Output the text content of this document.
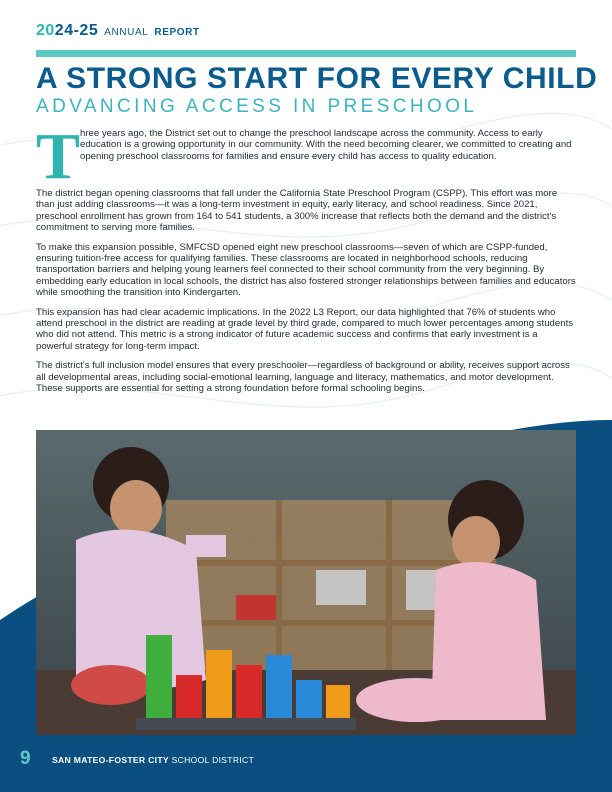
2024-25 ANNUAL REPORT
A STRONG START FOR EVERY CHILD
ADVANCING ACCESS IN PRESCHOOL
T hree years ago, the District set out to change the preschool landscape across the community. Access to early education is a growing opportunity in our community. With the need becoming clearer, we committed to creating and opening preschool classrooms for families and ensure every child has access to quality education.

The district began opening classrooms that fall under the California State Preschool Program (CSPP). This effort was more than just adding classrooms—it was a long-term investment in equity, early literacy, and school readiness. Since 2021, preschool enrollment has grown from 164 to 541 students, a 300% increase that reflects both the demand and the district's commitment to serving more families.

To make this expansion possible, SMFCSD opened eight new preschool classrooms—seven of which are CSPP-funded, ensuring tuition-free access for qualifying families. These classrooms are located in neighborhood schools, reducing transportation barriers and helping young learners feel connected to their school community from the very beginning. By embedding early education in local schools, the district has also fostered stronger relationships between families and educators while smoothing the transition into Kindergarten.

This expansion has had clear academic implications. In the 2022 L3 Report, our data highlighted that 76% of students who attend preschool in the district are reading at grade level by third grade, compared to much lower percentages among students who did not attend. This metric is a strong indicator of future academic success and confirms that early investment is a powerful strategy for long-term impact.

The district's full inclusion model ensures that every preschooler—regardless of background or ability, receives support across all developmental areas, including social-emotional learning, language and literacy, mathematics, and motor development. These supports are essential for setting a strong foundation before formal schooling begins.

9 SAN MATEO-FOSTER CITY SCHOOL DISTRICT
